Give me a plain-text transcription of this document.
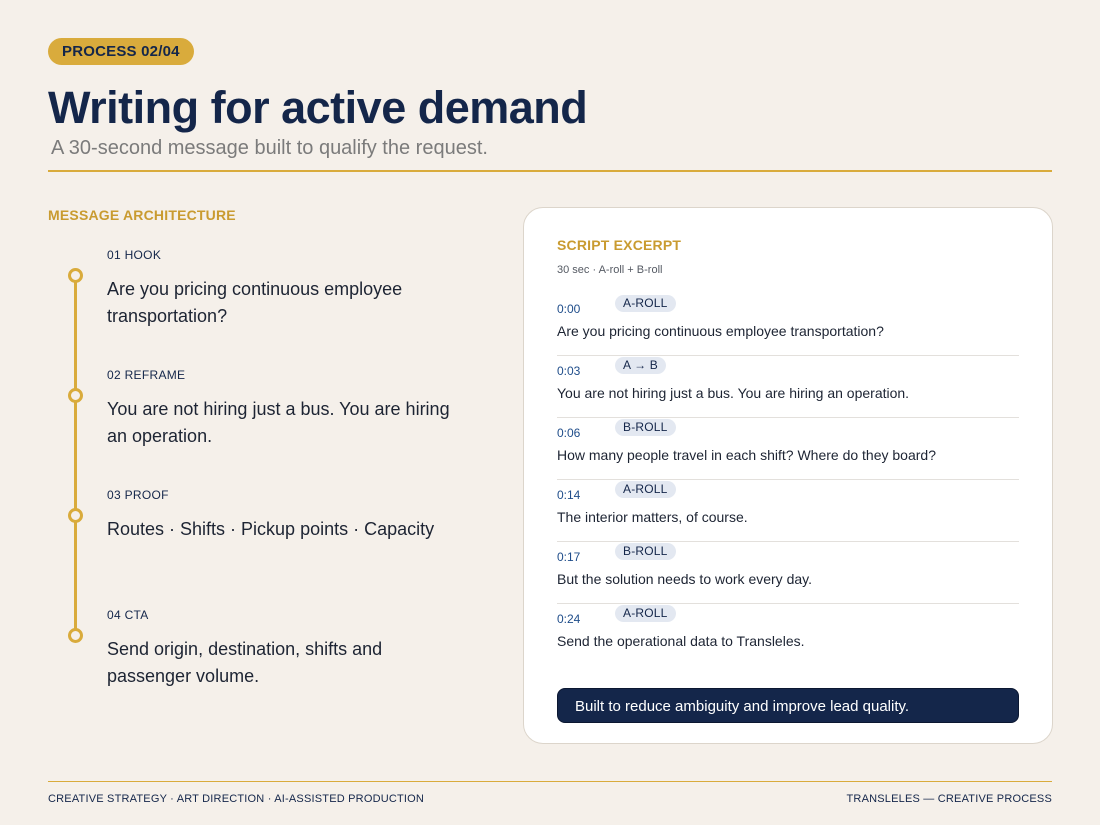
PROCESS 02/04
Writing for active demand
A 30-second message built to qualify the request.
MESSAGE ARCHITECTURE
01 HOOK
Are you pricing continuous employee transportation?
02 REFRAME
You are not hiring just a bus. You are hiring an operation.
03 PROOF
Routes · Shifts · Pickup points · Capacity
04 CTA
Send origin, destination, shifts and passenger volume.
SCRIPT EXCERPT
30 sec · A-roll + B-roll
0:00	A-ROLL
Are you pricing continuous employee transportation?
0:03	A → B
You are not hiring just a bus. You are hiring an operation.
0:06	B-ROLL
How many people travel in each shift? Where do they board?
0:14	A-ROLL
The interior matters, of course.
0:17	B-ROLL
But the solution needs to work every day.
0:24	A-ROLL
Send the operational data to Transleles.
Built to reduce ambiguity and improve lead quality.
CREATIVE STRATEGY · ART DIRECTION · AI-ASSISTED PRODUCTION	TRANSLELES — CREATIVE PROCESS
